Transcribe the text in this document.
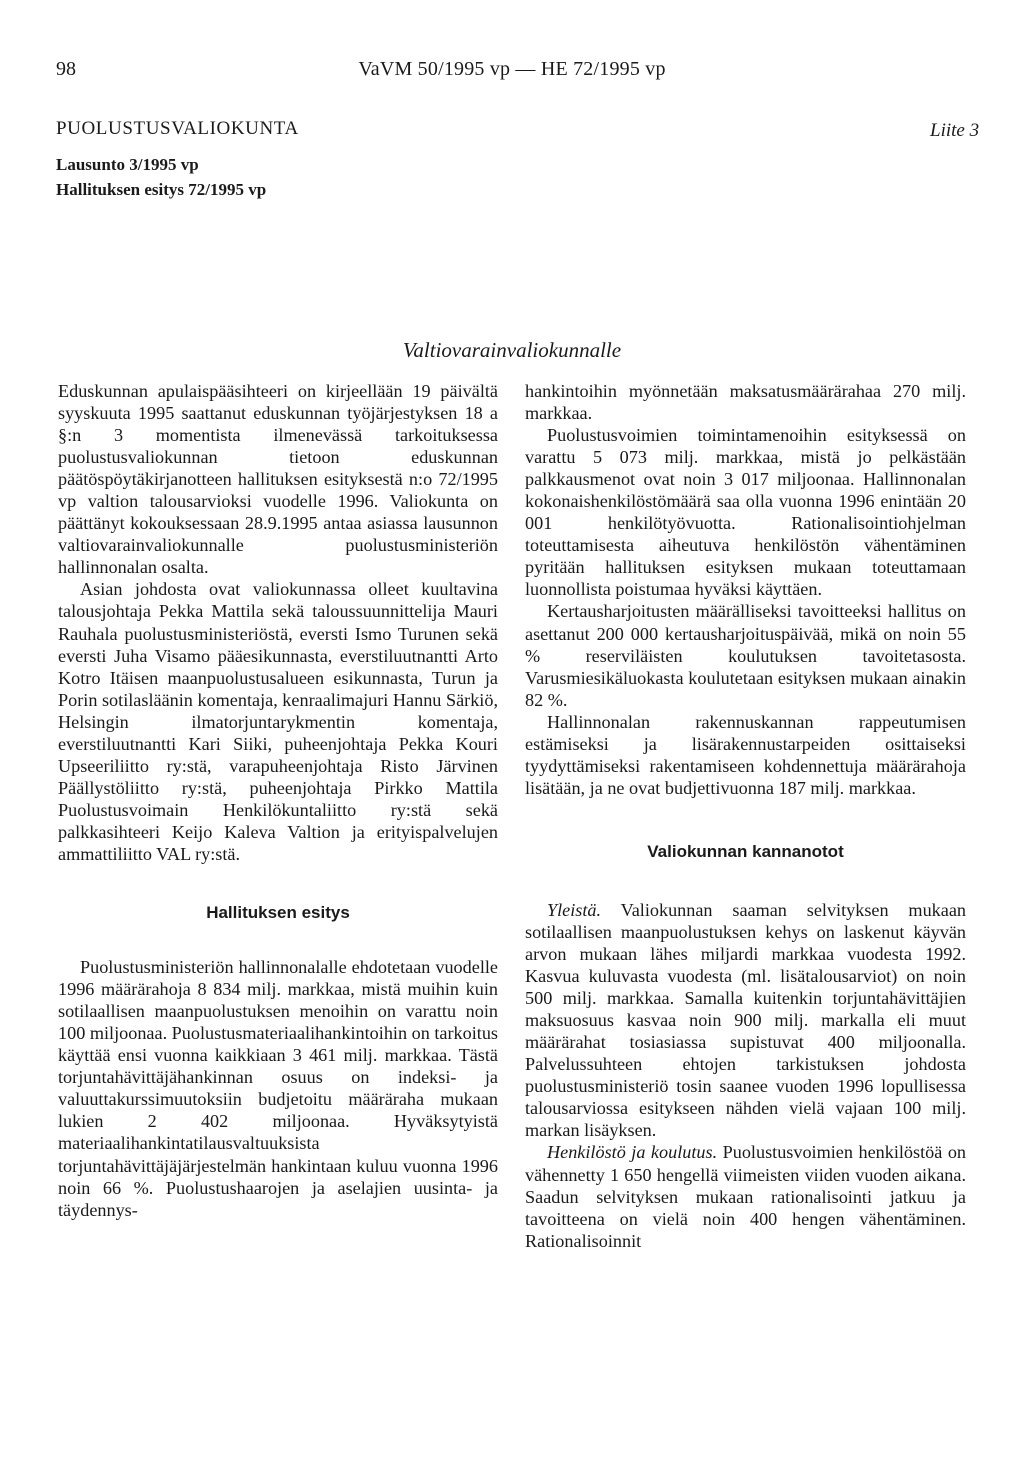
98	VaVM 50/1995 vp — HE 72/1995 vp
PUOLUSTUSVALIOKUNTA	Liite 3
Lausunto 3/1995 vp
Hallituksen esitys 72/1995 vp
Valtiovarainvaliokunnalle

Eduskunnan apulaispääsihteeri on kirjeellään 19 päivältä syyskuuta 1995 saattanut eduskunnan työjärjestyksen 18 a §:n 3 momentista ilmenevässä tarkoituksessa puolustusvaliokunnan tietoon eduskunnan päätöspöytäkirjanotteen hallituksen esityksestä n:o 72/1995 vp valtion talousarvioksi vuodelle 1996. Valiokunta on päättänyt kokouksessaan 28.9.1995 antaa asiassa lausunnon valtiovarainvaliokunnalle puolustusministeriön hallinnonalan osalta.

Asian johdosta ovat valiokunnassa olleet kuultavina talousjohtaja Pekka Mattila sekä taloussuunnittelija Mauri Rauhala puolustusministeriöstä, eversti Ismo Turunen sekä eversti Juha Visamo pääesikunnasta, everstiluutnantti Arto Kotro Itäisen maanpuolustusalueen esikunnasta, Turun ja Porin sotilasläänin komentaja, kenraalimajuri Hannu Särkiö, Helsingin ilmatorjuntarykmentin komentaja, everstiluutnantti Kari Siiki, puheenjohtaja Pekka Kouri Upseeriliitto ry:stä, varapuheenjohtaja Risto Järvinen Päällystöliitto ry:stä, puheenjohtaja Pirkko Mattila Puolustusvoimain Henkilökuntaliitto ry:stä sekä palkkasihteeri Keijo Kaleva Valtion ja erityispalvelujen ammattiliitto VAL ry:stä.

Hallituksen esitys

Puolustusministeriön hallinnonalalle ehdotetaan vuodelle 1996 määrärahoja 8 834 milj. markkaa, mistä muihin kuin sotilaallisen maanpuolustuksen menoihin on varattu noin 100 miljoonaa. Puolustusmateriaalihankintoihin on tarkoitus käyttää ensi vuonna kaikkiaan 3 461 milj. markkaa. Tästä torjuntahävittäjähankinnan osuus on indeksi- ja valuuttakurssimuutoksiin budjetoitu määräraha mukaan lukien 2 402 miljoonaa. Hyväksytyistä materiaalihankintatilausvaltuuksista torjuntahävittäjäjärjestelmän hankintaan kuluu vuonna 1996 noin 66 %. Puolustushaarojen ja aselajien uusinta- ja täydennys-

hankintoihin myönnetään maksatusmäärärahaa 270 milj. markkaa.

Puolustusvoimien toimintamenoihin esityksessä on varattu 5 073 milj. markkaa, mistä jo pelkästään palkkausmenot ovat noin 3 017 miljoonaa. Hallinnonalan kokonaishenkilöstömäärä saa olla vuonna 1996 enintään 20 001 henkilötyövuotta. Rationalisointiohjelman toteuttamisesta aiheutuva henkilöstön vähentäminen pyritään hallituksen esityksen mukaan toteuttamaan luonnollista poistumaa hyväksi käyttäen.

Kertausharjoitusten määrälliseksi tavoitteeksi hallitus on asettanut 200 000 kertausharjoituspäivää, mikä on noin 55 % reserviläisten koulutuksen tavoitetasosta. Varusmiesikäluokasta koulutetaan esityksen mukaan ainakin 82 %.

Hallinnonalan rakennuskannan rappeutumisen estämiseksi ja lisärakennustarpeiden osittaiseksi tyydyttämiseksi rakentamiseen kohdennettuja määrärahoja lisätään, ja ne ovat budjettivuonna 187 milj. markkaa.

Valiokunnan kannanotot

Yleistä. Valiokunnan saaman selvityksen mukaan sotilaallisen maanpuolustuksen kehys on laskenut käyvän arvon mukaan lähes miljardi markkaa vuodesta 1992. Kasvua kuluvasta vuodesta (ml. lisätalousarviot) on noin 500 milj. markkaa. Samalla kuitenkin torjuntahävittäjien maksuosuus kasvaa noin 900 milj. markalla eli muut määrärahat tosiasiassa supistuvat 400 miljoonalla. Palvelussuhteen ehtojen tarkistuksen johdosta puolustusministeriö tosin saanee vuoden 1996 lopullisessa talousarviossa esitykseen nähden vielä vajaan 100 milj. markan lisäyksen.

Henkilöstö ja koulutus. Puolustusvoimien henkilöstöä on vähennetty 1 650 hengellä viimeisten viiden vuoden aikana. Saadun selvityksen mukaan rationalisointi jatkuu ja tavoitteena on vielä noin 400 hengen vähentäminen. Rationalisoinnit
